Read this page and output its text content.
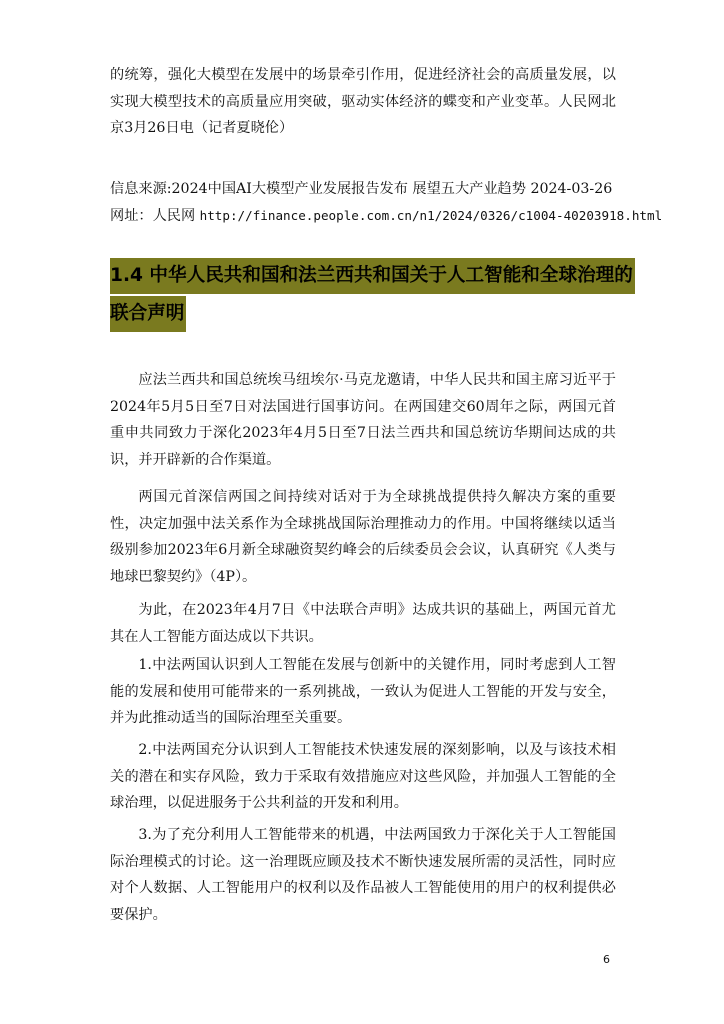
的统筹，强化大模型在发展中的场景牵引作用，促进经济社会的高质量发展，以实现大模型技术的高质量应用突破，驱动实体经济的蝶变和产业变革。人民网北京3月26日电（记者夏晓伦）

信息来源:2024中国AI大模型产业发展报告发布 展望五大产业趋势 2024-03-26

网址：人民网 http://finance.people.com.cn/n1/2024/0326/c1004-40203918.html

1.4 中华人民共和国和法兰西共和国关于人工智能和全球治理的
联合声明

应法兰西共和国总统埃马纽埃尔·马克龙邀请，中华人民共和国主席习近平于2024年5月5日至7日对法国进行国事访问。在两国建交60周年之际，两国元首重申共同致力于深化2023年4月5日至7日法兰西共和国总统访华期间达成的共识，并开辟新的合作渠道。

两国元首深信两国之间持续对话对于为全球挑战提供持久解决方案的重要性，决定加强中法关系作为全球挑战国际治理推动力的作用。中国将继续以适当级别参加2023年6月新全球融资契约峰会的后续委员会会议，认真研究《人类与地球巴黎契约》（4P）。

为此，在2023年4月7日《中法联合声明》达成共识的基础上，两国元首尤其在人工智能方面达成以下共识。

1.中法两国认识到人工智能在发展与创新中的关键作用，同时考虑到人工智能的发展和使用可能带来的一系列挑战，一致认为促进人工智能的开发与安全，并为此推动适当的国际治理至关重要。

2.中法两国充分认识到人工智能技术快速发展的深刻影响，以及与该技术相关的潜在和实存风险，致力于采取有效措施应对这些风险，并加强人工智能的全球治理，以促进服务于公共利益的开发和利用。

3.为了充分利用人工智能带来的机遇，中法两国致力于深化关于人工智能国际治理模式的讨论。这一治理既应顾及技术不断快速发展所需的灵活性，同时应对个人数据、人工智能用户的权利以及作品被人工智能使用的用户的权利提供必要保护。

6
